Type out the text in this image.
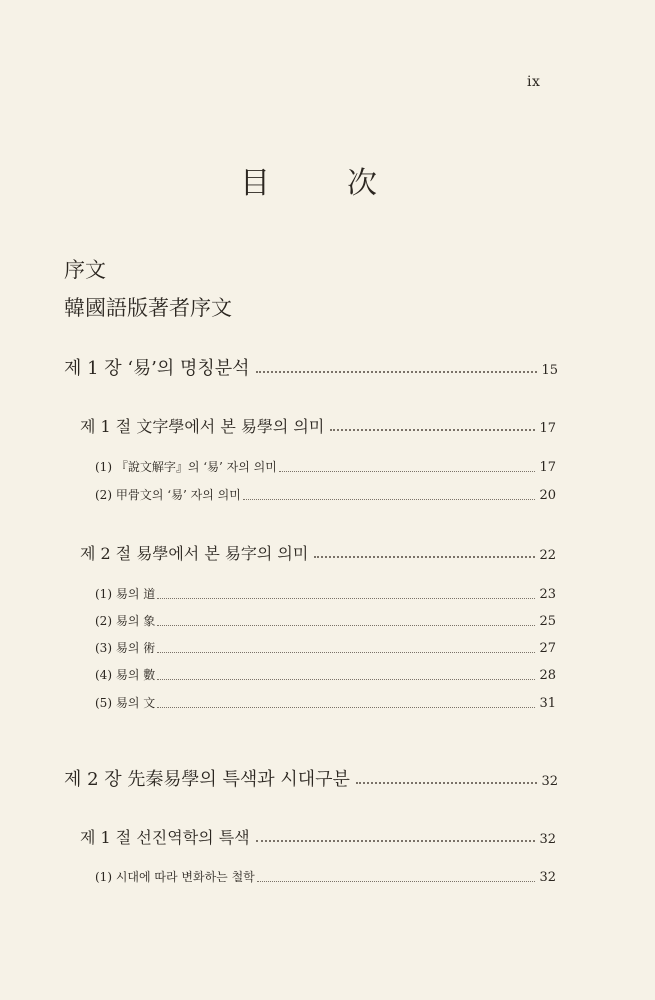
ix
目	次
序文
韓國語版著者序文
제 1 장 ‘易’의 명칭분석	15
제 1 절 文字學에서 본 易學의 의미	17
(1) 『說文解字』의 ‘易’ 자의 의미	17
(2) 甲骨文의 ‘易’ 자의 의미	20
제 2 절 易學에서 본 易字의 의미	22
(1) 易의 道	23
(2) 易의 象	25
(3) 易의 術	27
(4) 易의 數	28
(5) 易의 文	31
제 2 장 先秦易學의 특색과 시대구분	32
제 1 절 선진역학의 특색	32
(1) 시대에 따라 변화하는 철학	32
